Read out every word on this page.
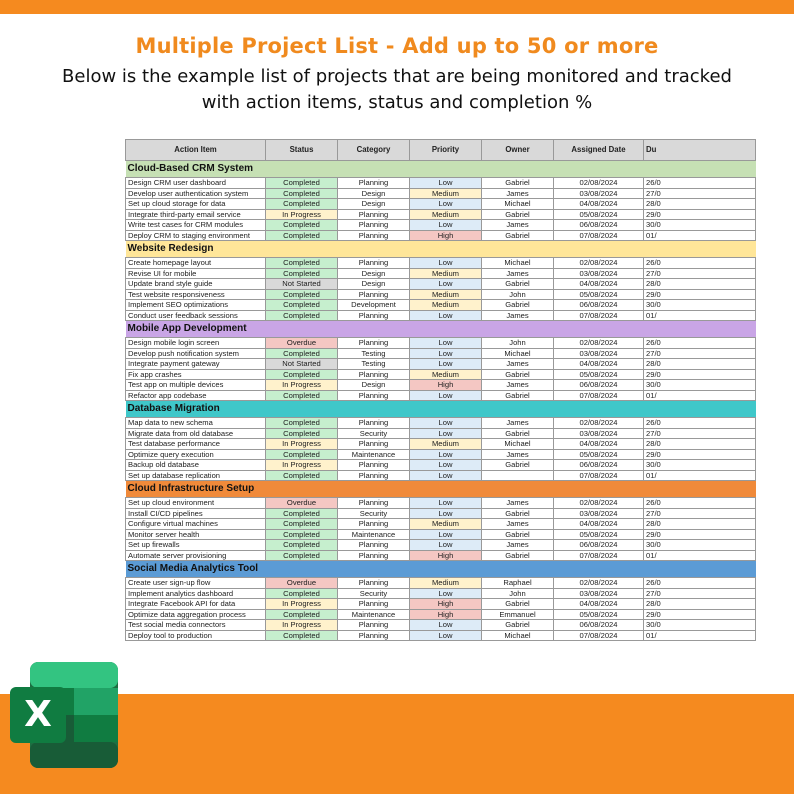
Multiple Project List - Add up to 50 or more
Below is the example list of projects that are being monitored and tracked
with action items, status and completion %
Action Item	Status	Category	Priority	Owner	Assigned Date	Du
Cloud-Based CRM System						
Design CRM user dashboard	Completed	Planning	Low	Gabriel	02/08/2024	26/0
Develop user authentication system	Completed	Design	Medium	James	03/08/2024	27/0
Set up cloud storage for data	Completed	Design	Low	Michael	04/08/2024	28/0
Integrate third-party email service	In Progress	Planning	Medium	Gabriel	05/08/2024	29/0
Write test cases for CRM modules	Completed	Planning	Low	James	06/08/2024	30/0
Deploy CRM to staging environment	Completed	Planning	High	Gabriel	07/08/2024	01/
Website Redesign						
Create homepage layout	Completed	Planning	Low	Michael	02/08/2024	26/0
Revise UI for mobile	Completed	Design	Medium	James	03/08/2024	27/0
Update brand style guide	Not Started	Design	Low	Gabriel	04/08/2024	28/0
Test website responsiveness	Completed	Planning	Medium	John	05/08/2024	29/0
Implement SEO optimizations	Completed	Development	Medium	Gabriel	06/08/2024	30/0
Conduct user feedback sessions	Completed	Planning	Low	James	07/08/2024	01/
Mobile App Development						
Design mobile login screen	Overdue	Planning	Low	John	02/08/2024	26/0
Develop push notification system	Completed	Testing	Low	Michael	03/08/2024	27/0
Integrate payment gateway	Not Started	Testing	Low	James	04/08/2024	28/0
Fix app crashes	Completed	Planning	Medium	Gabriel	05/08/2024	29/0
Test app on multiple devices	In Progress	Design	High	James	06/08/2024	30/0
Refactor app codebase	Completed	Planning	Low	Gabriel	07/08/2024	01/
Database Migration						
Map data to new schema	Completed	Planning	Low	James	02/08/2024	26/0
Migrate data from old database	Completed	Security	Low	Gabriel	03/08/2024	27/0
Test database performance	In Progress	Planning	Medium	Michael	04/08/2024	28/0
Optimize query execution	Completed	Maintenance	Low	James	05/08/2024	29/0
Backup old database	In Progress	Planning	Low	Gabriel	06/08/2024	30/0
Set up database replication	Completed	Planning	Low		07/08/2024	01/
Cloud Infrastructure Setup						
Set up cloud environment	Overdue	Planning	Low	James	02/08/2024	26/0
Install CI/CD pipelines	Completed	Security	Low	Gabriel	03/08/2024	27/0
Configure virtual machines	Completed	Planning	Medium	James	04/08/2024	28/0
Monitor server health	Completed	Maintenance	Low	Gabriel	05/08/2024	29/0
Set up firewalls	Completed	Planning	Low	James	06/08/2024	30/0
Automate server provisioning	Completed	Planning	High	Gabriel	07/08/2024	01/
Social Media Analytics Tool						
Create user sign-up flow	Overdue	Planning	Medium	Raphael	02/08/2024	26/0
Implement analytics dashboard	Completed	Security	Low	John	03/08/2024	27/0
Integrate Facebook API for data	In Progress	Planning	High	Gabriel	04/08/2024	28/0
Optimize data aggregation process	Completed	Maintenance	High	Emmanuel	05/08/2024	29/0
Test social media connectors	In Progress	Planning	Low	Gabriel	06/08/2024	30/0
Deploy tool to production	Completed	Planning	Low	Michael	07/08/2024	01/
X
